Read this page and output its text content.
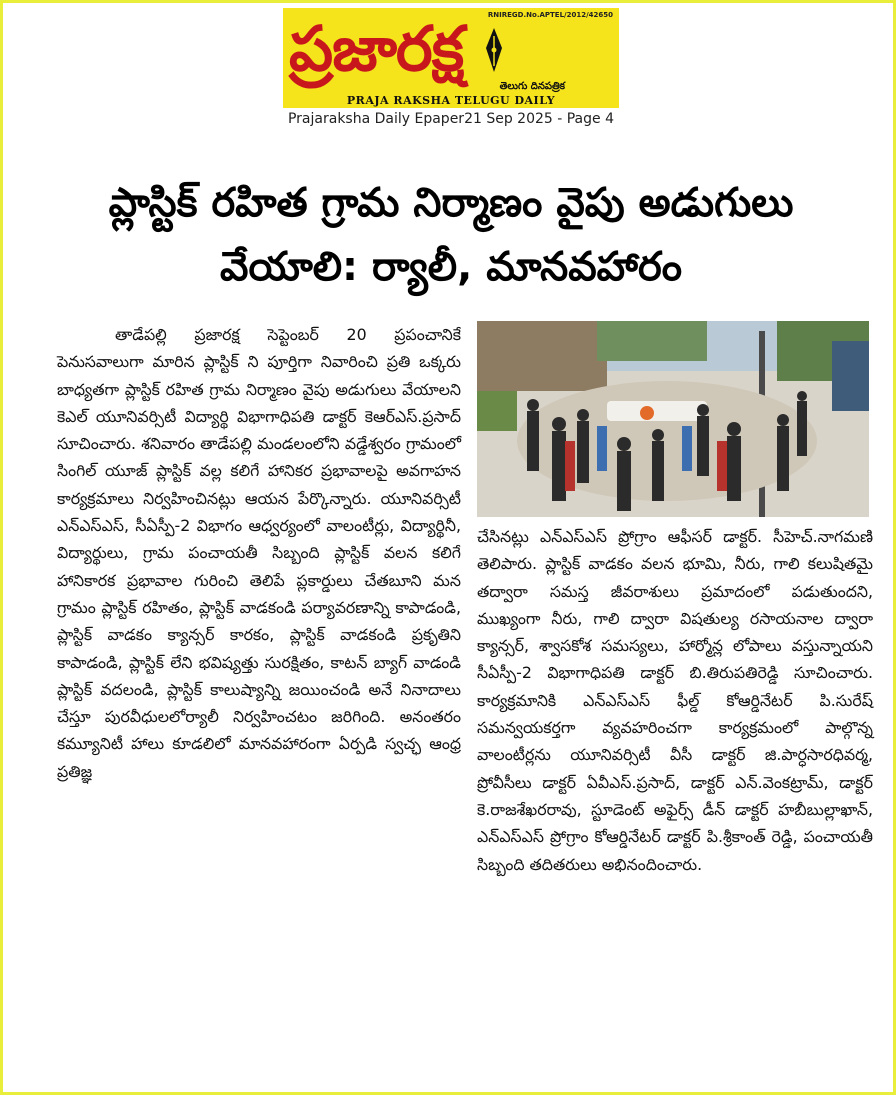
RNIREGD.No.APTEL/2012/42650
ప్రజారక్ష
తెలుగు దినపత్రిక
PRAJA RAKSHA TELUGU DAILY
Prajaraksha Daily Epaper21 Sep 2025 - Page 4
ప్లాస్టిక్ రహిత గ్రామ నిర్మాణం వైపు అడుగులు
వేయాలి: ర్యాలీ, మానవహారం

తాడేపల్లి ప్రజారక్ష సెప్టెంబర్ 20 ప్రపంచానికే పెనుసవాలుగా మారిన ప్లాస్టిక్ ని పూర్తిగా నివారించి ప్రతి ఒక్కరు బాధ్యతగా ప్లాస్టిక్ రహిత గ్రామ నిర్మాణం వైపు అడుగులు వేయాలని కెఎల్ యూనివర్సిటీ విద్యార్థి విభాగాధిపతి డాక్టర్ కెఆర్ఎస్.ప్రసాద్ సూచించారు. శనివారం తాడేపల్లి మండలంలోని వడ్డేశ్వరం గ్రామంలో సింగిల్ యూజ్ ప్లాస్టిక్ వల్ల కలిగే హానికర ప్రభావాలపై అవగాహన కార్యక్రమాలు నిర్వహించినట్లు ఆయన పేర్కొన్నారు. యూనివర్సిటీ ఎన్ఎస్ఎస్, సీఏస్పీ-2 విభాగం ఆధ్వర్యంలో వాలంటీర్లు, విద్యార్థినీ, విద్యార్థులు, గ్రామ పంచాయతీ సిబ్బంది ప్లాస్టిక్ వలన కలిగే హానికారక ప్రభావాల గురించి తెలిపే ప్లకార్డులు చేతబూని మన గ్రామం ప్లాస్టిక్ రహితం, ప్లాస్టిక్ వాడకండి పర్యావరణాన్ని కాపాడండి, ప్లాస్టిక్ వాడకం క్యాన్సర్ కారకం, ప్లాస్టిక్ వాడకండి ప్రకృతిని కాపాడండి, ప్లాస్టిక్ లేని భవిష్యత్తు సురక్షితం, కాటన్ బ్యాగ్ వాడండి ప్లాస్టిక్ వదలండి, ప్లాస్టిక్ కాలుష్యాన్ని జయించండి అనే నినాదాలు చేస్తూ పురవీధులలోర్యాలీ నిర్వహించటం జరిగింది. అనంతరం కమ్యూనిటీ హాలు కూడలిలో మానవహారంగా ఏర్పడి స్వచ్ఛ ఆంధ్ర ప్రతిజ్ఞ

చేసినట్లు ఎన్ఎస్ఎస్ ప్రోగ్రాం ఆఫీసర్ డాక్టర్. సీహెచ్.నాగమణి తెలిపారు. ప్లాస్టిక్ వాడకం వలన భూమి, నీరు, గాలి కలుషితమై తద్వారా సమస్త జీవరాశులు ప్రమాదంలో పడుతుందని, ముఖ్యంగా నీరు, గాలి ద్వారా విషతుల్య రసాయనాల ద్వారా క్యాన్సర్, శ్వాసకోశ సమస్యలు, హార్మోన్ల లోపాలు వస్తున్నాయని సీఏస్పీ-2 విభాగాధిపతి డాక్టర్ బి.తిరుపతిరెడ్డి సూచించారు. కార్యక్రమానికి ఎన్ఎస్ఎస్ ఫీల్డ్ కోఆర్డినేటర్ పి.సురేష్ సమన్వయకర్తగా వ్యవహరించగా కార్యక్రమంలో పాల్గొన్న వాలంటీర్లను యూనివర్సిటీ వీసీ డాక్టర్ జి.పార్ధసారధివర్మ, ప్రోవీసీలు డాక్టర్ ఏవీఎస్.ప్రసాద్, డాక్టర్ ఎన్.వెంకట్రామ్, డాక్టర్ కె.రాజశేఖరరావు, స్టూడెంట్ అఫైర్స్ డీన్ డాక్టర్ హబీబుల్లాఖాన్, ఎన్ఎస్ఎస్ ప్రోగ్రాం కోఆర్డినేటర్ డాక్టర్ పి.శ్రీకాంత్ రెడ్డి, పంచాయతీ సిబ్బంది తదితరులు అభినందించారు.
